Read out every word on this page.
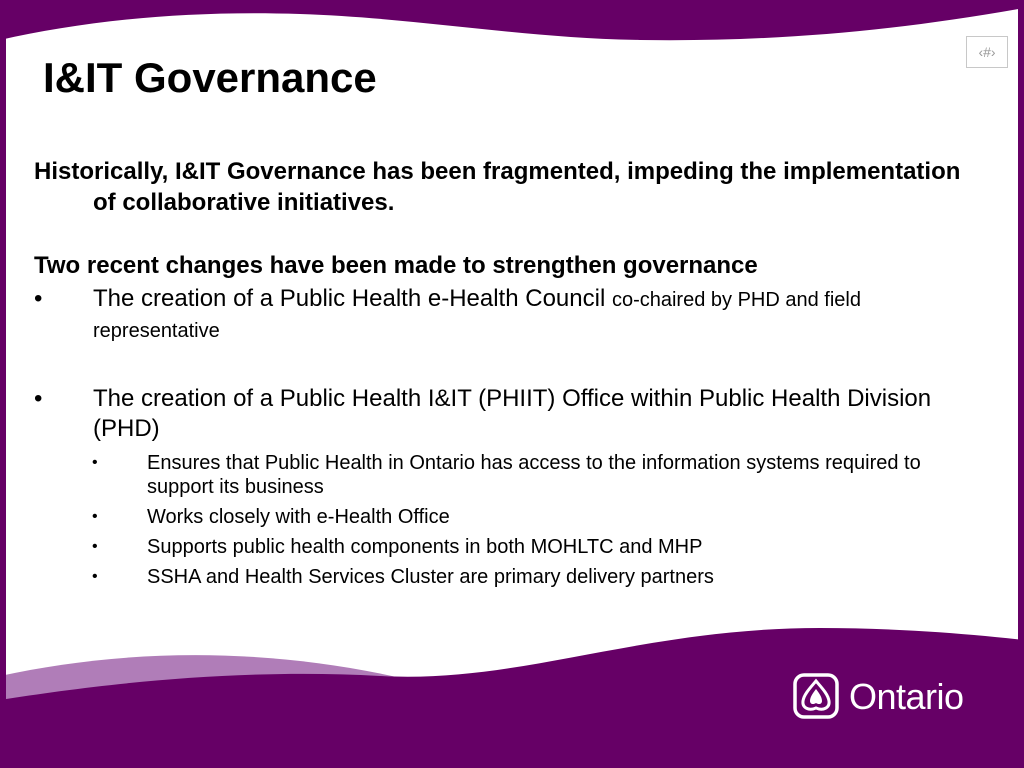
‹#›
I&IT Governance

Historically, I&IT Governance has been fragmented, impeding the implementation of collaborative initiatives.

Two recent changes have been made to strengthen governance

• The creation of a Public Health e-Health Council co-chaired by PHD and field representative
• The creation of a Public Health I&IT (PHIIT) Office within Public Health Division (PHD)
• Ensures that Public Health in Ontario has access to the information systems required to support its business
• Works closely with e-Health Office
• Supports public health components in both MOHLTC and MHP
• SSHA and Health Services Cluster are primary delivery partners
Ontario
